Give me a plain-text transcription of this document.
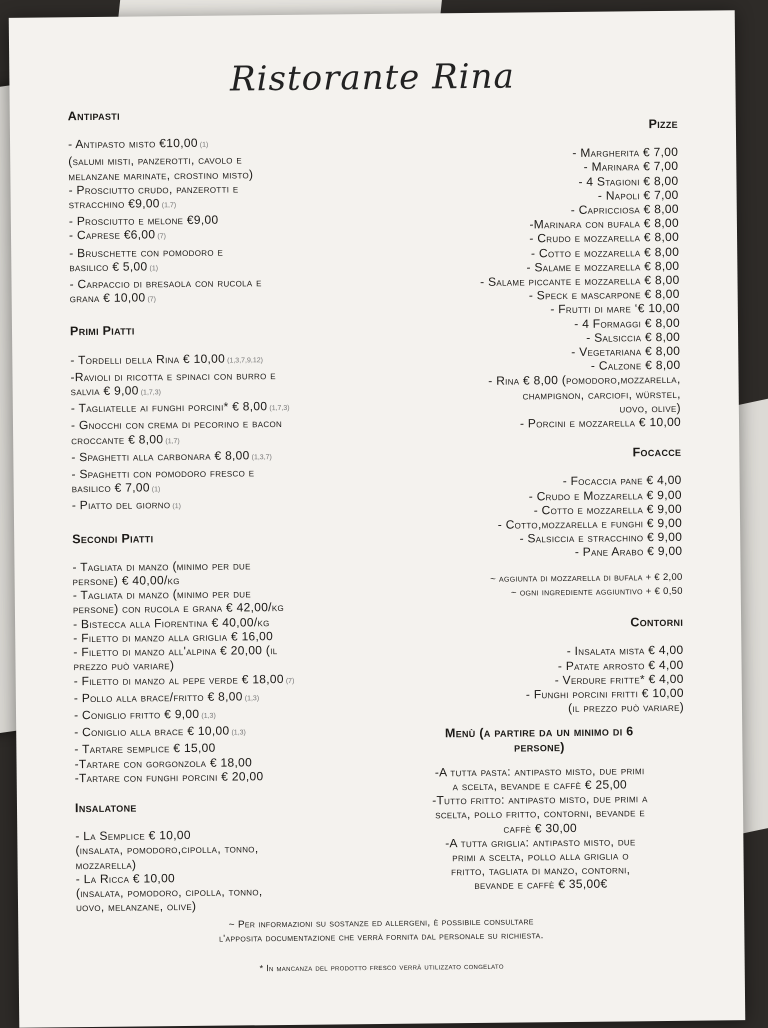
Ristorante Rina
Antipasti
- Antipasto misto €10,00 (1)
(salumi misti, panzerotti, cavolo e
melanzane marinate, crostino misto)
- Prosciutto crudo, panzerotti e
stracchino €9,00 (1,7)
- Prosciutto e melone €9,00
- Caprese €6,00 (7)
- Bruschette con pomodoro e
basilico € 5,00 (1)
- Carpaccio di bresaola con rucola e
grana € 10,00 (7)
Primi Piatti
- Tordelli della Rina € 10,00 (1,3,7,9,12)
-Ravioli di ricotta e spinaci con burro e
salvia € 9,00 (1,7,3)
- Tagliatelle ai funghi porcini* € 8,00 (1,7,3)
- Gnocchi con crema di pecorino e bacon
croccante € 8,00 (1,7)
- Spaghetti alla carbonara € 8,00 (1,3,7)
- Spaghetti con pomodoro fresco e
basilico € 7,00 (1)
- Piatto del giorno (1)
Secondi Piatti
- Tagliata di manzo (minimo per due
persone) € 40,00/kg
- Tagliata di manzo (minimo per due
persone) con rucola e grana € 42,00/kg
- Bistecca alla Fiorentina € 40,00/kg
- Filetto di manzo alla griglia € 16,00
- Filetto di manzo all'alpina € 20,00 (il
prezzo può variare)
- Filetto di manzo al pepe verde € 18,00 (7)
- Pollo alla brace/fritto € 8,00 (1,3)
- Coniglio fritto € 9,00 (1,3)
- Coniglio alla brace € 10,00 (1,3)
- Tartare semplice € 15,00
-Tartare con gorgonzola € 18,00
-Tartare con funghi porcini € 20,00
Insalatone
- La Semplice € 10,00
(insalata, pomodoro,cipolla, tonno,
mozzarella)
- La Ricca € 10,00
(insalata, pomodoro, cipolla, tonno,
uovo, melanzane, olive)
Pizze
- Margherita € 7,00
- Marinara € 7,00
- 4 Stagioni € 8,00
- Napoli € 7,00
- Capricciosa € 8,00
-Marinara con bufala € 8,00
- Crudo e mozzarella € 8,00
- Cotto e mozzarella € 8,00
- Salame e mozzarella € 8,00
- Salame piccante e mozzarella € 8,00
- Speck e mascarpone € 8,00
- Frutti di mare ‘€ 10,00
- 4 Formaggi € 8,00
- Salsiccia € 8,00
- Vegetariana € 8,00
- Calzone € 8,00
- Rina € 8,00 (pomodoro,mozzarella,
champignon, carciofi, würstel,
uovo, olive)
- Porcini e mozzarella € 10,00
Focacce
- Focaccia pane € 4,00
- Crudo e Mozzarella € 9,00
- Cotto e mozzarella € 9,00
- Cotto,mozzarella e funghi € 9,00
- Salsiccia e stracchino € 9,00
- Pane Arabo € 9,00
~ aggiunta di mozzarella di bufala + € 2,00
~ ogni ingrediente aggiuntivo + € 0,50
Contorni
- Insalata mista € 4,00
- Patate arrosto € 4,00
- Verdure fritte* € 4,00
- Funghi porcini fritti € 10,00
(il prezzo può variare)
Menù (a partire da un minimo di 6
persone)
-A tutta pasta: antipasto misto, due primi
a scelta, bevande e caffè € 25,00
-Tutto fritto: antipasto misto, due primi a
scelta, pollo fritto, contorni, bevande e
caffè € 30,00
-A tutta griglia: antipasto misto, due
primi a scelta, pollo alla griglia o
fritto, tagliata di manzo, contorni,
bevande e caffè € 35,00€
~ Per informazioni su sostanze ed allergeni, è possibile consultare
l'apposita documentazione che verrà fornita dal personale su richiesta.
* In mancanza del prodotto fresco verrà utilizzato congelato
